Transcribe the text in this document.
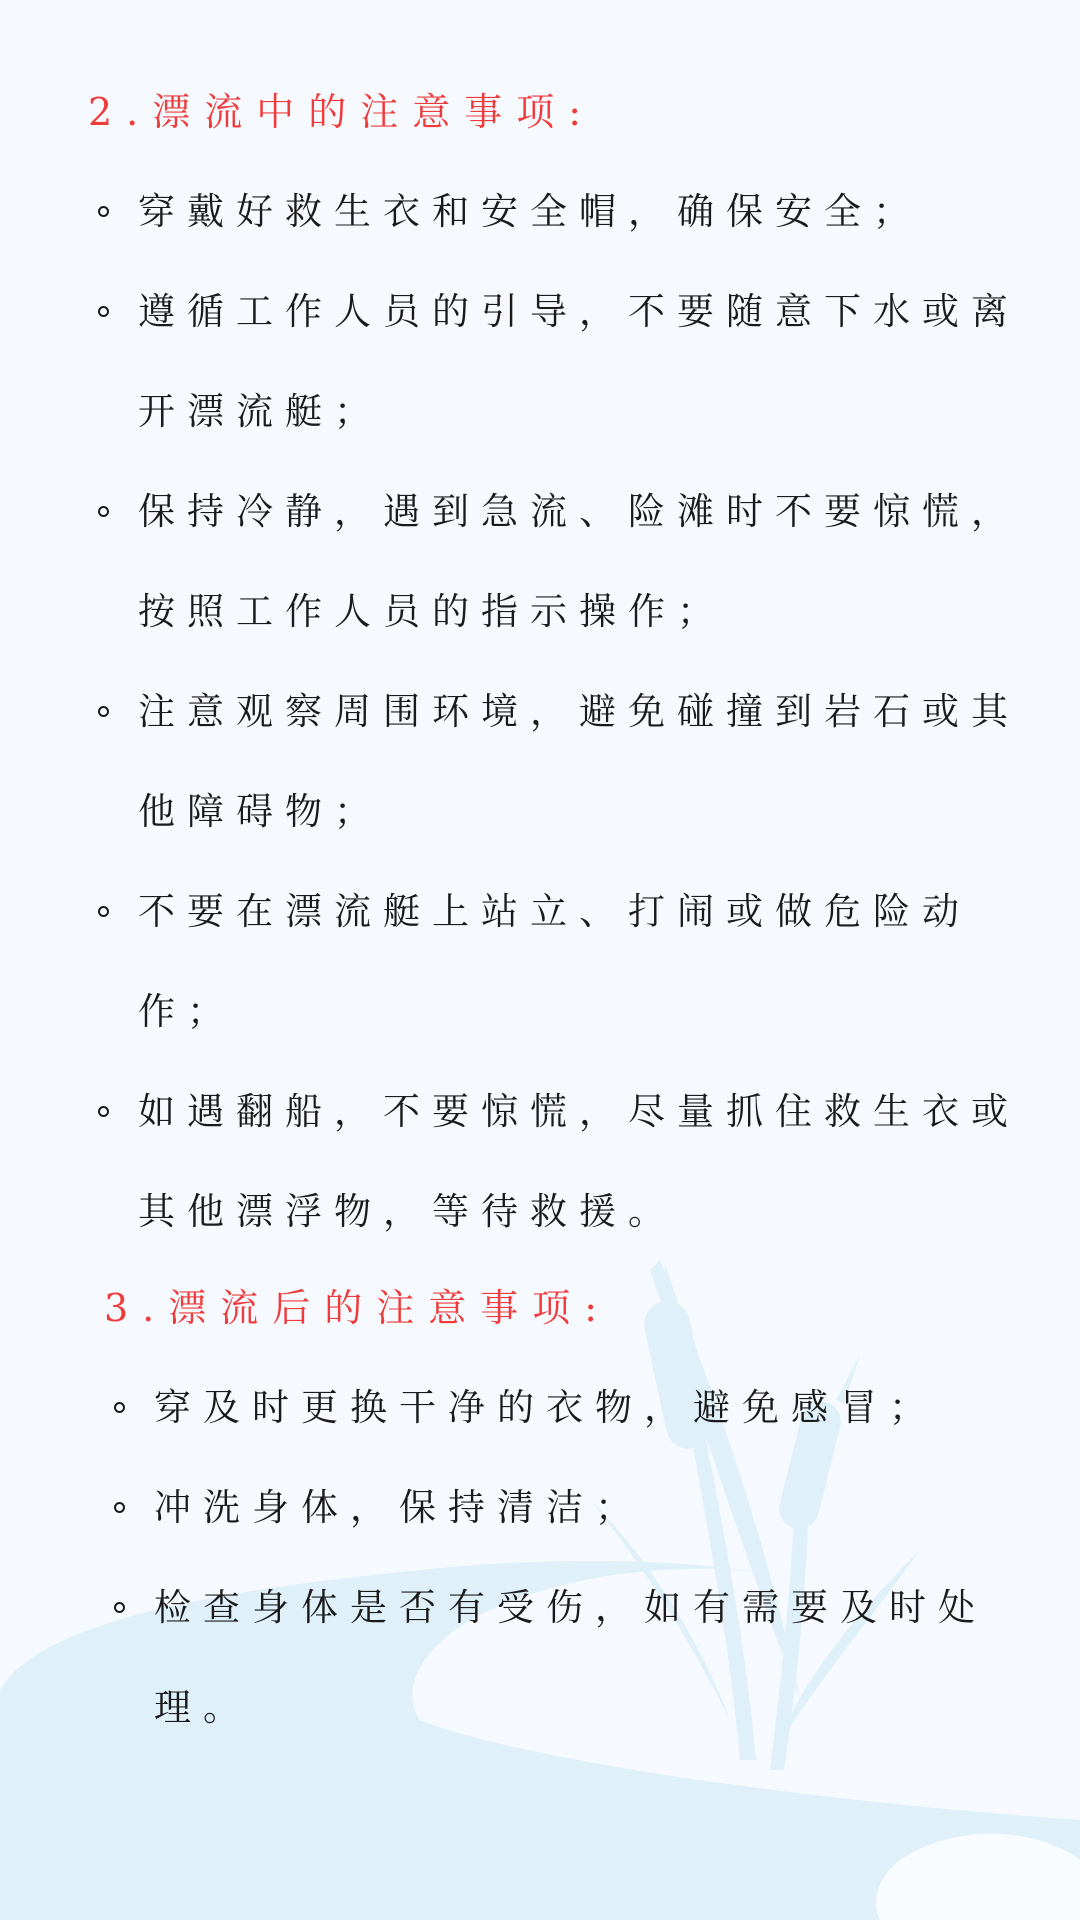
2.漂流中的注意事项:
穿戴好救生衣和安全帽，确保安全；
遵循工作人员的引导，不要随意下水或离开漂流艇；
保持冷静，遇到急流、险滩时不要惊慌，按照工作人员的指示操作；
注意观察周围环境，避免碰撞到岩石或其他障碍物；
不要在漂流艇上站立、打闹或做危险动作；
如遇翻船，不要惊慌，尽量抓住救生衣或其他漂浮物，等待救援。
3.漂流后的注意事项:
穿及时更换干净的衣物，避免感冒；
冲洗身体，保持清洁；
检查身体是否有受伤，如有需要及时处理。
